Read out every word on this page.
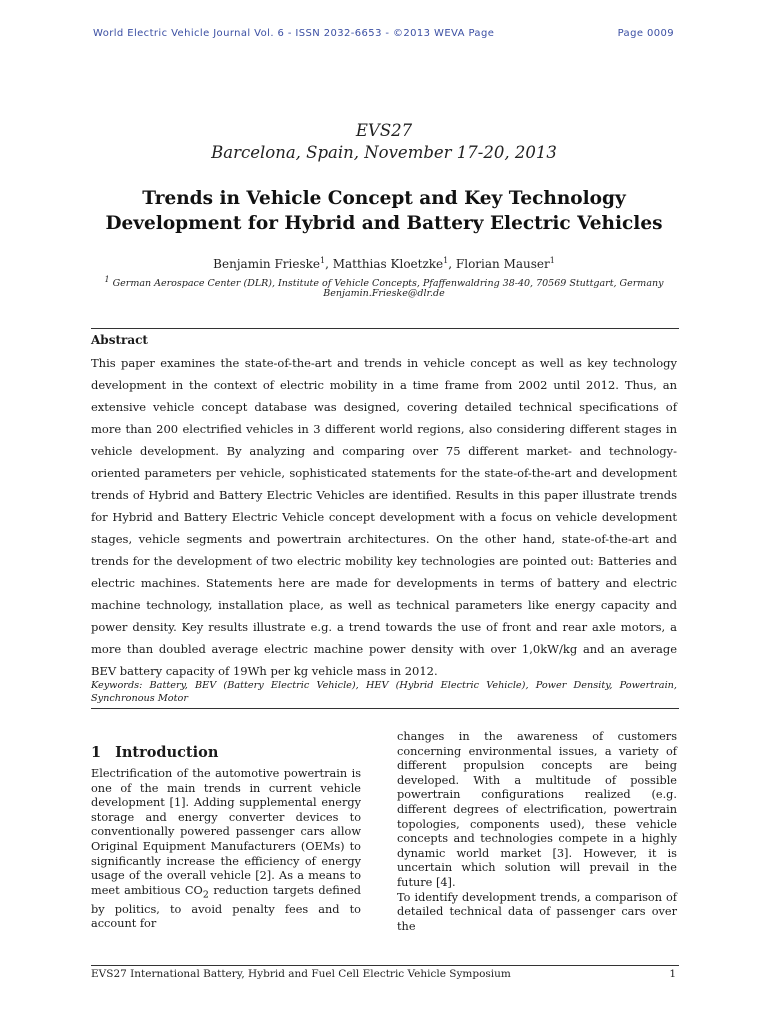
World Electric Vehicle Journal Vol. 6 - ISSN 2032-6653 - ©2013 WEVA Page	Page 0009
EVS27
Barcelona, Spain, November 17-20, 2013
Trends in Vehicle Concept and Key Technology
Development for Hybrid and Battery Electric Vehicles
Benjamin Frieske$^1$, Matthias Kloetzke$^1$, Florian Mauser$^1$
$^1$ German Aerospace Center (DLR), Institute of Vehicle Concepts, Pfaffenwaldring 38-40, 70569 Stuttgart, Germany
Benjamin.Frieske@dlr.de
Abstract
This paper examines the state-of-the-art and trends in vehicle concept as well as key technology development in the context of electric mobility in a time frame from 2002 until 2012. Thus, an extensive vehicle concept database was designed, covering detailed technical specifications of more than 200 electrified vehicles in 3 different world regions, also considering different stages in vehicle development. By analyzing and comparing over 75 different market- and technology-oriented parameters per vehicle, sophisticated statements for the state-of-the-art and development trends of Hybrid and Battery Electric Vehicles are identified. Results in this paper illustrate trends for Hybrid and Battery Electric Vehicle concept development with a focus on vehicle development stages, vehicle segments and powertrain architectures. On the other hand, state-of-the-art and trends for the development of two electric mobility key technologies are pointed out: Batteries and electric machines. Statements here are made for developments in terms of battery and electric machine technology, installation place, as well as technical parameters like energy capacity and power density. Key results illustrate e.g. a trend towards the use of front and rear axle motors, a more than doubled average electric machine power density with over 1,0kW/kg and an average BEV battery capacity of 19Wh per kg vehicle mass in 2012.
Keywords: Battery, BEV (Battery Electric Vehicle), HEV (Hybrid Electric Vehicle), Power Density, Powertrain, Synchronous Motor
1 Introduction
Electrification of the automotive powertrain is one of the main trends in current vehicle development [1]. Adding supplemental energy storage and energy converter devices to conventionally powered passenger cars allow Original Equipment Manufacturers (OEMs) to significantly increase the efficiency of energy usage of the overall vehicle [2]. As a means to meet ambitious $CO_2$ reduction targets defined by politics, to avoid penalty fees and to account for
changes in the awareness of customers concerning environmental issues, a variety of different propulsion concepts are being developed. With a multitude of possible powertrain configurations realized (e.g. different degrees of electrification, powertrain topologies, components used), these vehicle concepts and technologies compete in a highly dynamic world market [3]. However, it is uncertain which solution will prevail in the future [4].
To identify development trends, a comparison of detailed technical data of passenger cars over the
EVS27 International Battery, Hybrid and Fuel Cell Electric Vehicle Symposium	1
